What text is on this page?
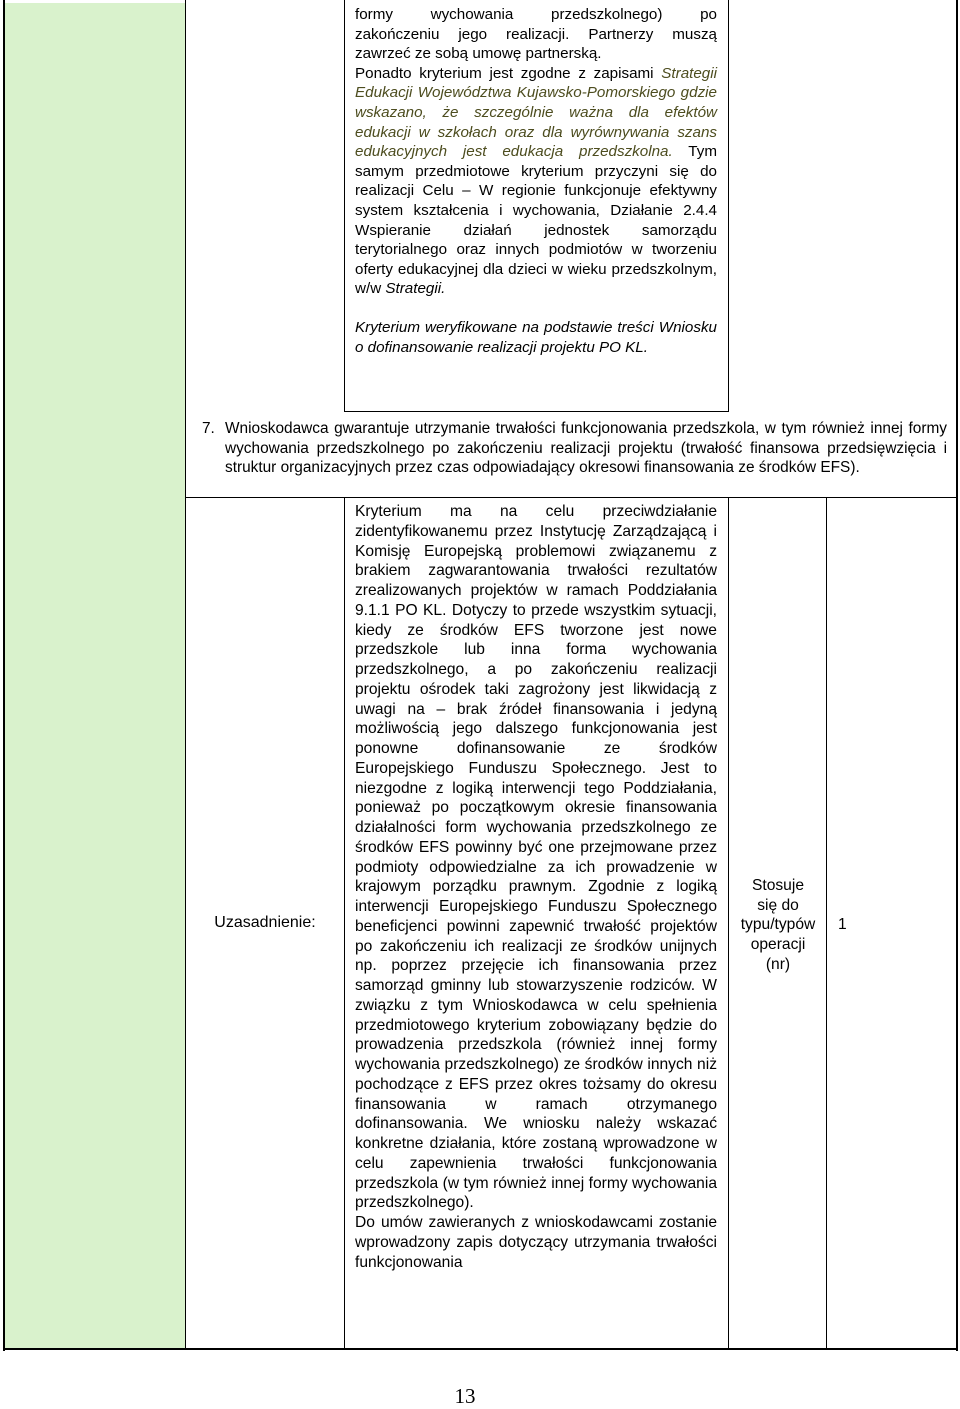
formy wychowania przedszkolnego) po
zakończeniu jego realizacji. Partnerzy muszą
zawrzeć ze sobą umowę partnerską.

Ponadto kryterium jest zgodne z zapisami Strategii Edukacji Województwa Kujawsko-Pomorskiego gdzie wskazano, że szczególnie ważna dla efektów edukacji w szkołach oraz dla wyrównywania szans edukacyjnych jest edukacja przedszkolna. Tym samym przedmiotowe kryterium przyczyni się do realizacji Celu – W regionie funkcjonuje efektywny system kształcenia i wychowania, Działanie 2.4.4 Wspieranie działań jednostek samorządu terytorialnego oraz innych podmiotów w tworzeniu oferty edukacyjnej dla dzieci w wieku przedszkolnym, w/w Strategii.

Kryterium weryfikowane na podstawie treści Wniosku o dofinansowanie realizacji projektu PO KL.

7. Wnioskodawca gwarantuje utrzymanie trwałości funkcjonowania przedszkola, w tym również innej formy wychowania przedszkolnego po zakończeniu realizacji projektu (trwałość finansowa przedsięwzięcia i struktur organizacyjnych przez czas odpowiadający okresowi finansowania ze środków EFS).
Uzasadnienie:

Kryterium ma na celu przeciwdziałanie zidentyfikowanemu przez Instytucję Zarządzającą i Komisję Europejską problemowi związanemu z brakiem zagwarantowania trwałości rezultatów zrealizowanych projektów w ramach Poddziałania 9.1.1 PO KL. Dotyczy to przede wszystkim sytuacji, kiedy ze środków EFS tworzone jest nowe przedszkole lub inna forma wychowania przedszkolnego, a po zakończeniu realizacji projektu ośrodek taki zagrożony jest likwidacją z uwagi na – brak źródeł finansowania i jedyną możliwością jego dalszego funkcjonowania jest ponowne dofinansowanie ze środków Europejskiego Funduszu Społecznego. Jest to niezgodne z logiką interwencji tego Poddziałania, ponieważ po początkowym okresie finansowania działalności form wychowania przedszkolnego ze środków EFS powinny być one przejmowane przez podmioty odpowiedzialne za ich prowadzenie w krajowym porządku prawnym. Zgodnie z logiką interwencji Europejskiego Funduszu Społecznego beneficjenci powinni zapewnić trwałość projektów po zakończeniu ich realizacji ze środków unijnych np. poprzez przejęcie ich finansowania przez samorząd gminny lub stowarzyszenie rodziców. W związku z tym Wnioskodawca w celu spełnienia przedmiotowego kryterium zobowiązany będzie do prowadzenia przedszkola (również innej formy wychowania przedszkolnego) ze środków innych niż pochodzące z EFS przez okres tożsamy do okresu finansowania w ramach otrzymanego dofinansowania. We wniosku należy wskazać konkretne działania, które zostaną wprowadzone w celu zapewnienia trwałości funkcjonowania przedszkola (w tym również innej formy wychowania przedszkolnego).

Do umów zawieranych z wnioskodawcami zostanie wprowadzony zapis dotyczący utrzymania trwałości funkcjonowania

Stosuje
się do
typu/typów
operacji
(nr)
1
13
